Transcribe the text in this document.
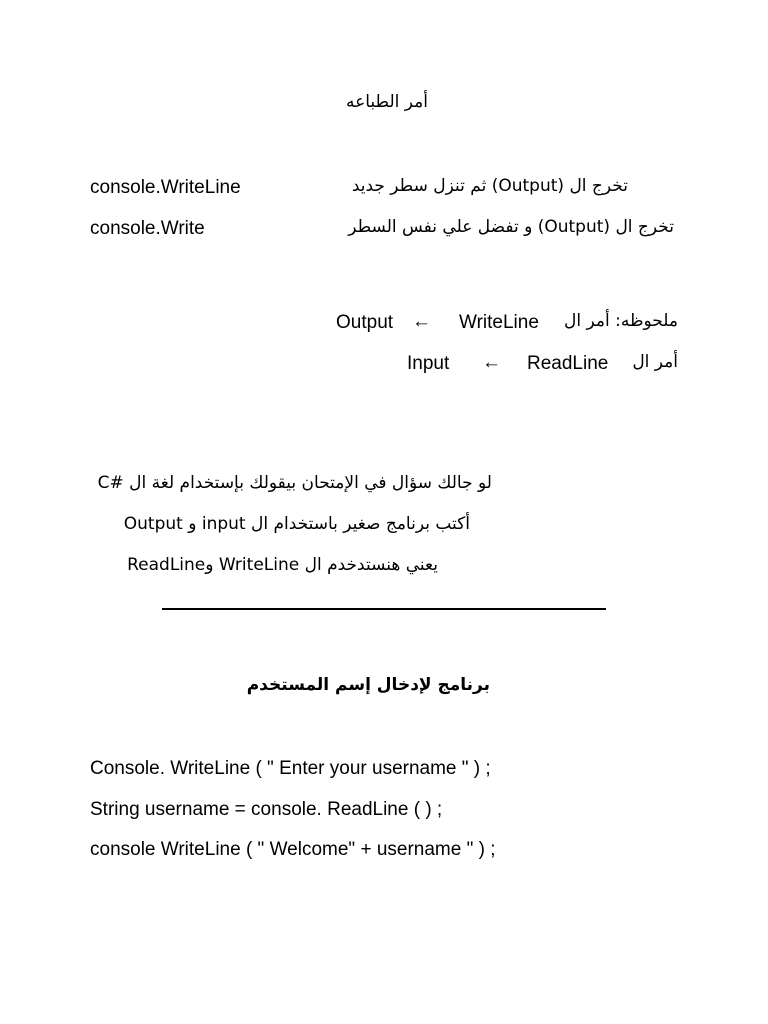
أمر الطباعه
console.WriteLine	تخرج ال (Output) ثم تنزل سطر جديد
console.Write	تخرج ال (Output) و تفضل علي نفس السطر
Output ← WriteLine ملحوظه: أمر ال
Input ← ReadLine أمر ال
لو جالك سؤال في الإمتحان بيقولك بإستخدام لغة ال #C
أكتب برنامج صغير باستخدام ال input و Output
يعني هنستدخدم ال WriteLine وReadLine
برنامج لإدخال إسم المستخدم
Console. WriteLine ( " Enter your username " ) ;
String username = console. ReadLine ( ) ;
console WriteLine ( " Welcome" + username " ) ;
